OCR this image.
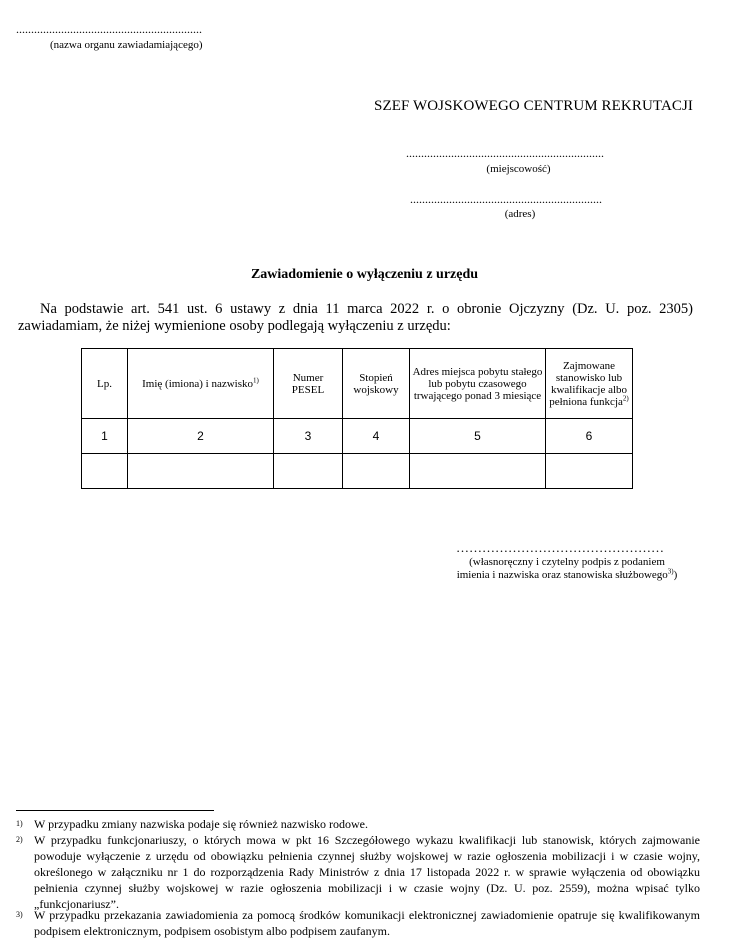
..............................................................
(nazwa organu zawiadamiającego)
SZEF WOJSKOWEGO CENTRUM REKRUTACJI
..................................................................
(miejscowość)
................................................................
(adres)
Zawiadomienie o wyłączeniu z urzędu
Na podstawie art. 541 ust. 6 ustawy z dnia 11 marca 2022 r. o obronie Ojczyzny (Dz. U. poz. 2305) zawiadamiam, że niżej wymienione osoby podlegają wyłączeniu z urzędu:
Lp.	Imię (imiona) i nazwisko$^{1)}$	Numer PESEL	Stopień wojskowy	Adres miejsca pobytu stałego lub pobytu czasowego trwającego ponad 3 miesiące	Zajmowane stanowisko lub kwalifikacje albo pełniona funkcja$^{2)}$
1	2	3	4	5	6

…………………………………………
(własnoręczny i czytelny podpis z podaniem
imienia i nazwiska oraz stanowiska służbowego$^{3)}$)
1) W przypadku zmiany nazwiska podaje się również nazwisko rodowe.
2) W przypadku funkcjonariuszy, o których mowa w pkt 16 Szczegółowego wykazu kwalifikacji lub stanowisk, których zajmowanie powoduje wyłączenie z urzędu od obowiązku pełnienia czynnej służby wojskowej w razie ogłoszenia mobilizacji i w czasie wojny, określonego w załączniku nr 1 do rozporządzenia Rady Ministrów z dnia 17 listopada 2022 r. w sprawie wyłączenia od obowiązku pełnienia czynnej służby wojskowej w razie ogłoszenia mobilizacji i w czasie wojny (Dz. U. poz. 2559), można wpisać tylko „funkcjonariusz”.
3) W przypadku przekazania zawiadomienia za pomocą środków komunikacji elektronicznej zawiadomienie opatruje się kwalifikowanym podpisem elektronicznym, podpisem osobistym albo podpisem zaufanym.
